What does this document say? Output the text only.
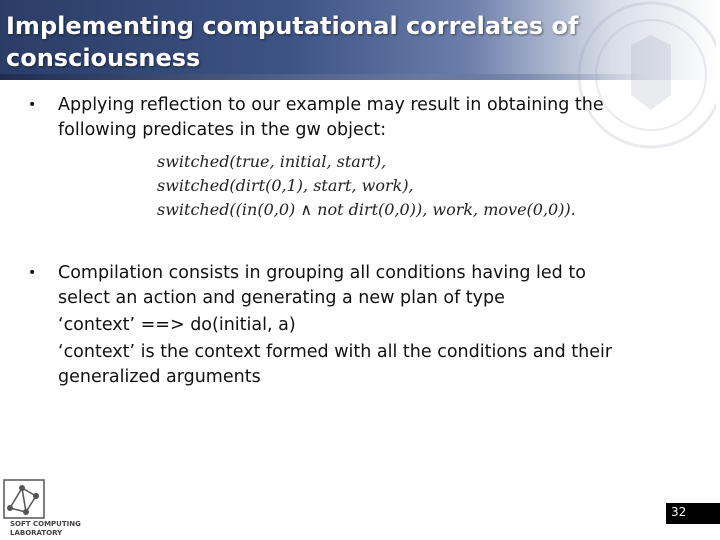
Implementing computational correlates of
consciousness
•	Applying reflection to our example may result in obtaining the
following predicates in the gw object:
switched(true, initial, start),
switched(dirt(0,1), start, work),
switched((in(0,0) ∧ not dirt(0,0)), work, move(0,0)).
•	Compilation consists in grouping all conditions having led to
select an action and generating a new plan of type
‘context’ ==> do(initial, a)
‘context’ is the context formed with all the conditions and their
generalized arguments
SOFT COMPUTING
LABORATORY
32
